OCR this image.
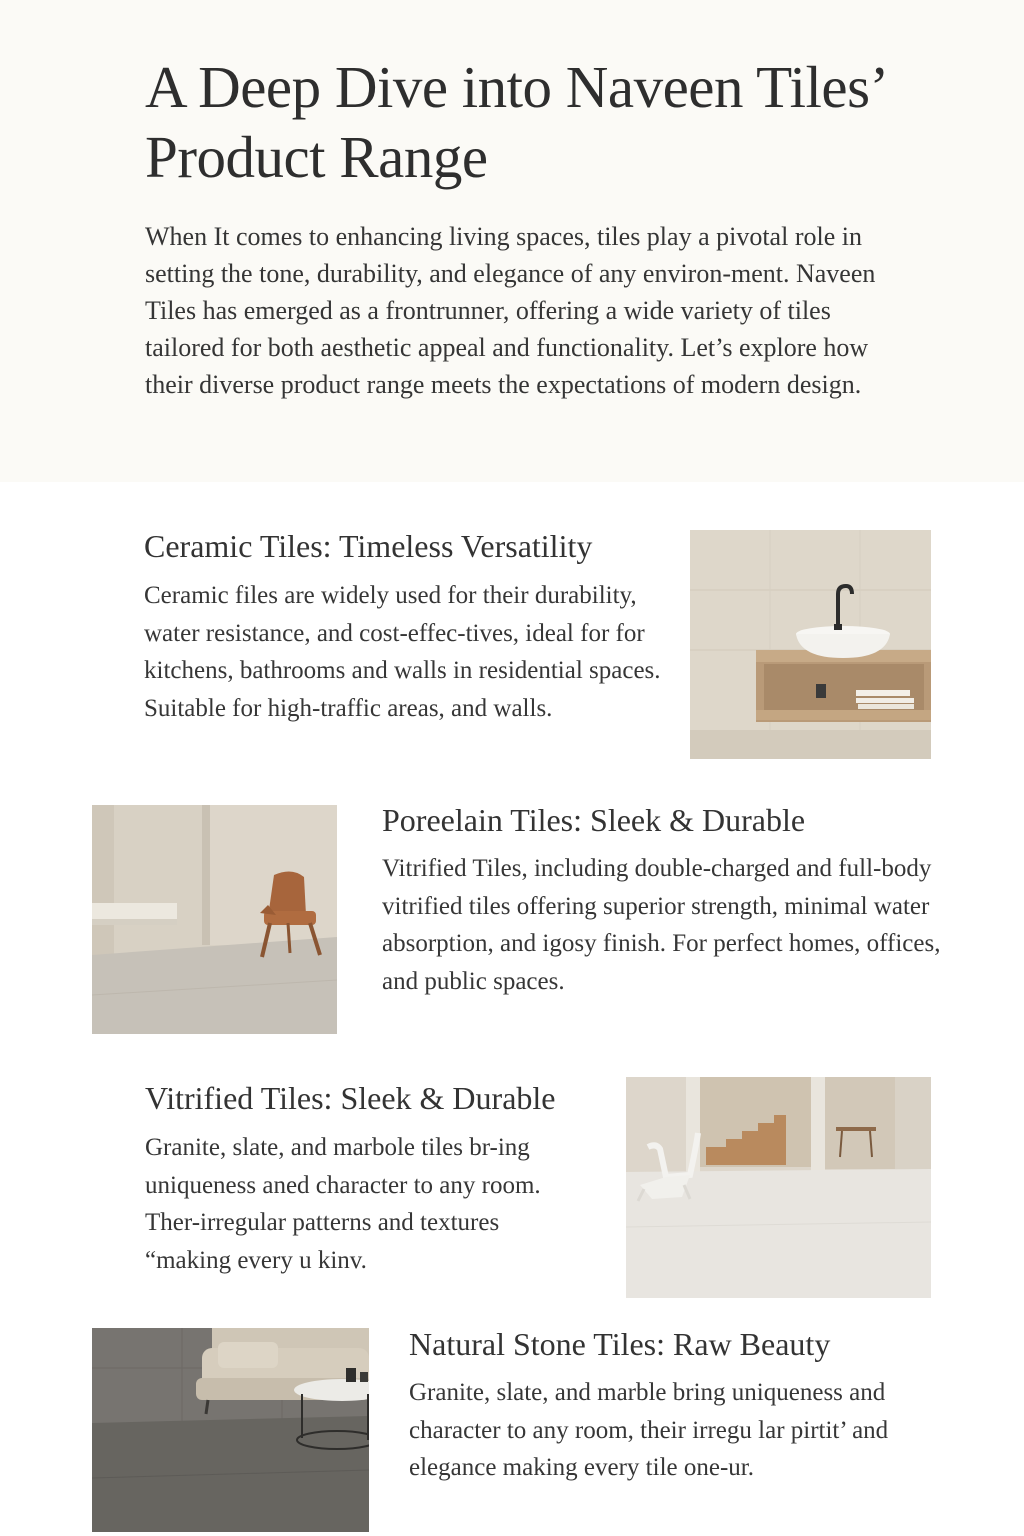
A Deep Dive into Naveen Tiles’ Product Range

When It comes to enhancing living spaces, tiles play a pivotal role in setting the tone, durability, and elegance of any environ-ment. Naveen Tiles has emerged as a frontrunner, offering a wide variety of tiles tailored for both aesthetic appeal and functionality. Let’s explore how their diverse product range meets the expectations of modern design.

Ceramic Tiles: Timeless Versatility

Ceramic files are widely used for their durability, water resistance, and cost-effec-tives, ideal for for kitchens, bathrooms and walls in residential spaces. Suitable for high-traffic areas, and walls.

Poreelain Tiles: Sleek & Durable

Vitrified Tiles, including double-charged and full-body vitrified tiles offering superior strength, minimal water absorption, and igosy finish. For perfect homes, offices, and public spaces.

Vitrified Tiles: Sleek & Durable

Granite, slate, and marbole tiles br-ing uniqueness aned character to any room. Ther-irregular patterns and textures “making every u kinv.

Natural Stone Tiles: Raw Beauty

Granite, slate, and marble bring uniqueness and character to any room, their irregu lar pirtit’ and elegance making every tile one-ur.
